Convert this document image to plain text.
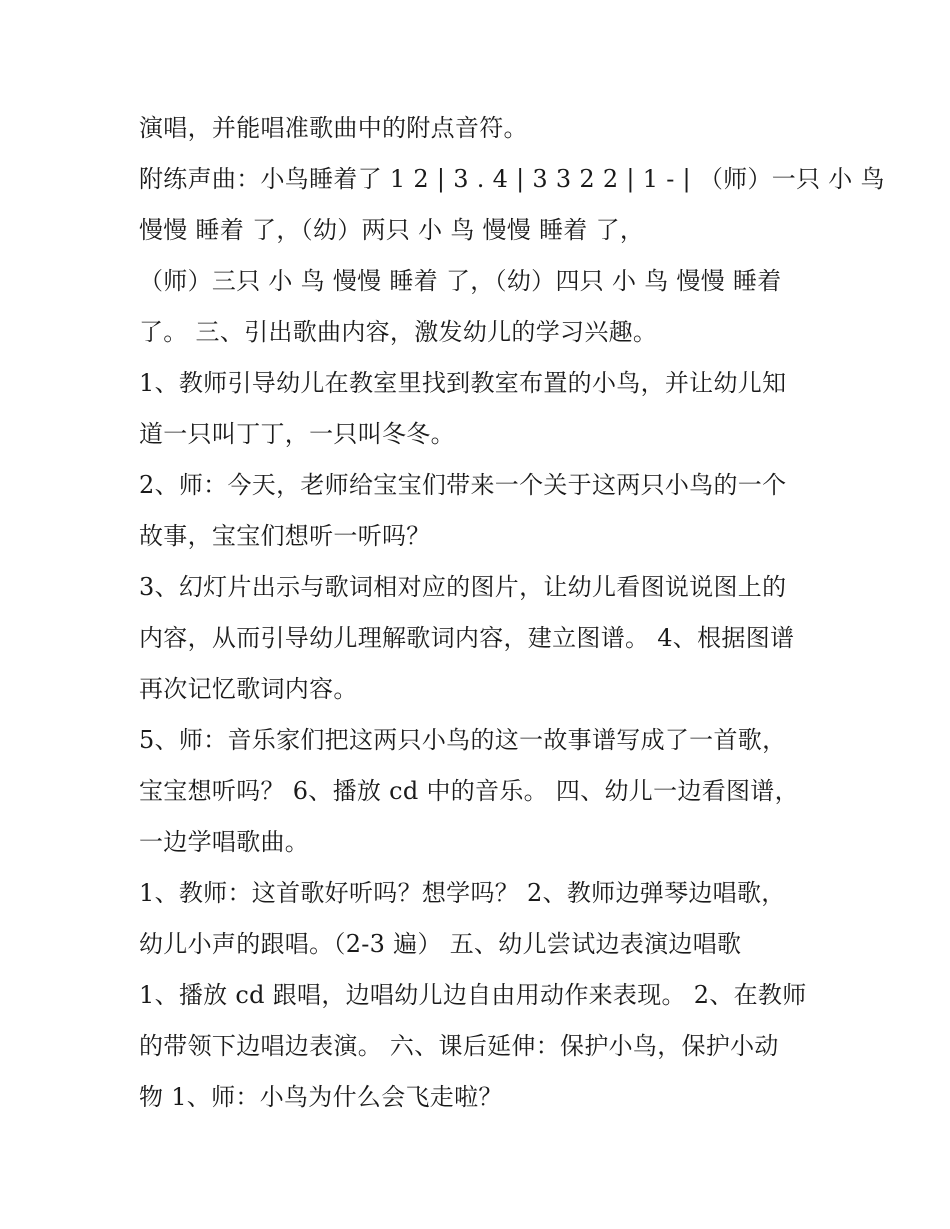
演唱，并能唱准歌曲中的附点音符。
附练声曲：小鸟睡着了 1 2 | 3 . 4 | 3 3 2 2 | 1 - | （师）一只 小 鸟
慢慢 睡着 了，（幼）两只 小 鸟 慢慢 睡着 了，
（师）三只 小 鸟 慢慢 睡着 了，（幼）四只 小 鸟 慢慢 睡着
了。 三、引出歌曲内容，激发幼儿的学习兴趣。
1、教师引导幼儿在教室里找到教室布置的小鸟，并让幼儿知
道一只叫丁丁，一只叫冬冬。
2、师：今天，老师给宝宝们带来一个关于这两只小鸟的一个
故事，宝宝们想听一听吗？
3、幻灯片出示与歌词相对应的图片，让幼儿看图说说图上的
内容，从而引导幼儿理解歌词内容，建立图谱。 4、根据图谱
再次记忆歌词内容。
5、师：音乐家们把这两只小鸟的这一故事谱写成了一首歌，
宝宝想听吗？ 6、播放 cd 中的音乐。 四、幼儿一边看图谱，
一边学唱歌曲。
1、教师：这首歌好听吗？想学吗？ 2、教师边弹琴边唱歌，
幼儿小声的跟唱。（2-3 遍） 五、幼儿尝试边表演边唱歌
1、播放 cd 跟唱，边唱幼儿边自由用动作来表现。 2、在教师
的带领下边唱边表演。 六、课后延伸：保护小鸟，保护小动
物 1、师：小鸟为什么会飞走啦？
